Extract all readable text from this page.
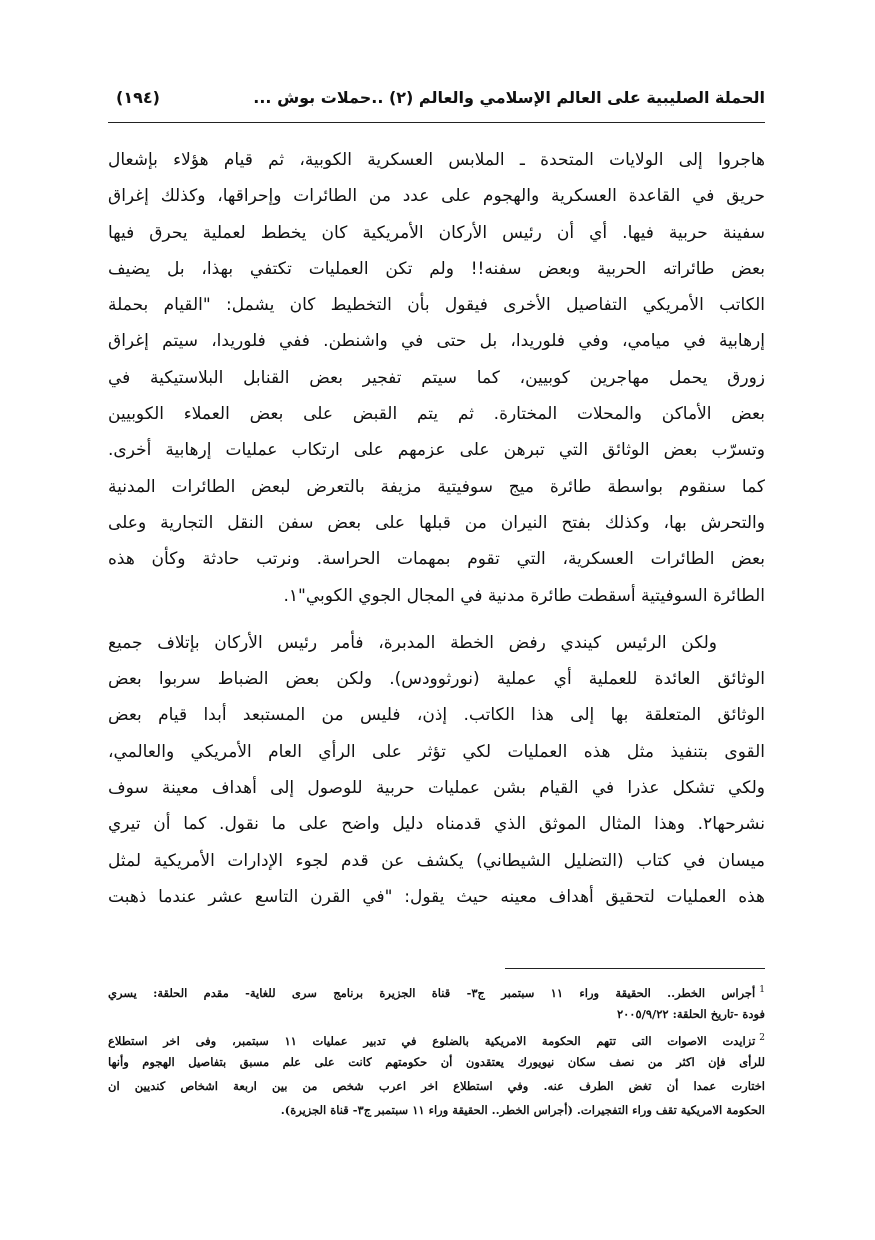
الحملة الصليبية على العالم الإسلامي والعالم (٢) ..حملات بوش ...
(١٩٤)
هاجروا إلى الولايات المتحدة ـ الملابس العسكرية الكوبية، ثم قيام هؤلاء بإشعال
حريق في القاعدة العسكرية والهجوم على عدد من الطائرات وإحراقها، وكذلك إغراق
سفينة حربية فيها. أي أن رئيس الأركان الأمريكية كان يخطط لعملية يحرق فيها
بعض طائراته الحربية وبعض سفنه!! ولم تكن العمليات تكتفي بهذا، بل يضيف
الكاتب الأمريكي التفاصيل الأخرى فيقول بأن التخطيط كان يشمل: "القيام بحملة
إرهابية في ميامي، وفي فلوريدا، بل حتى في واشنطن. ففي فلوريدا، سيتم إغراق
زورق يحمل مهاجرين كوبيين، كما سيتم تفجير بعض القنابل البلاستيكية في
بعض الأماكن والمحلات المختارة. ثم يتم القبض على بعض العملاء الكوبيين
وتسرّب بعض الوثائق التي تبرهن على عزمهم على ارتكاب عمليات إرهابية أخرى.
كما سنقوم بواسطة طائرة ميج سوفيتية مزيفة بالتعرض لبعض الطائرات المدنية
والتحرش بها، وكذلك بفتح النيران من قبلها على بعض سفن النقل التجارية وعلى
بعض الطائرات العسكرية، التي تقوم بمهمات الحراسة. ونرتب حادثة وكأن هذه
الطائرة السوفيتية أسقطت طائرة مدنية في المجال الجوي الكوبي"١.
ولكن الرئيس كيندي رفض الخطة المدبرة، فأمر رئيس الأركان بإتلاف جميع
الوثائق العائدة للعملية أي عملية (نورثوودس). ولكن بعض الضباط سربوا بعض
الوثائق المتعلقة بها إلى هذا الكاتب. إذن، فليس من المستبعد أبدا قيام بعض
القوى بتنفيذ مثل هذه العمليات لكي تؤثر على الرأي العام الأمريكي والعالمي،
ولكي تشكل عذرا في القيام بشن عمليات حربية للوصول إلى أهداف معينة سوف
نشرحها٢. وهذا المثال الموثق الذي قدمناه دليل واضح على ما نقول. كما أن تيري
ميسان في كتاب (التضليل الشيطاني) يكشف عن قدم لجوء الإدارات الأمريكية لمثل
هذه العمليات لتحقيق أهداف معينه حيث يقول: "في القرن التاسع عشر عندما ذهبت
$^1$أجراس الخطر.. الحقيقة وراء ١١ سبتمبر ج٣- قناة الجزيرة برنامج سرى للغاية- مقدم الحلقة: يسري
فودة -تاريخ الحلقة: ٢٠٠٥/٩/٢٢
$^2$تزايدت الاصوات التى تتهم الحكومة الامريكية بالضلوع في تدبير عمليات ١١ سبتمبر، وفى اخر استطلاع
للرأى فإن اكثر من نصف سكان نيويورك يعتقدون أن حكومتهم كانت على علم مسبق بتفاصيل الهجوم وأنها
اختارت عمدا أن تغض الطرف عنه. وفي استطلاع اخر اعرب شخص من بين اربعة اشخاص كنديين ان
الحكومة الامريكية تقف وراء التفجيرات. (أجراس الخطر.. الحقيقة وراء ١١ سبتمبر ج٣- قناة الجزيرة).
